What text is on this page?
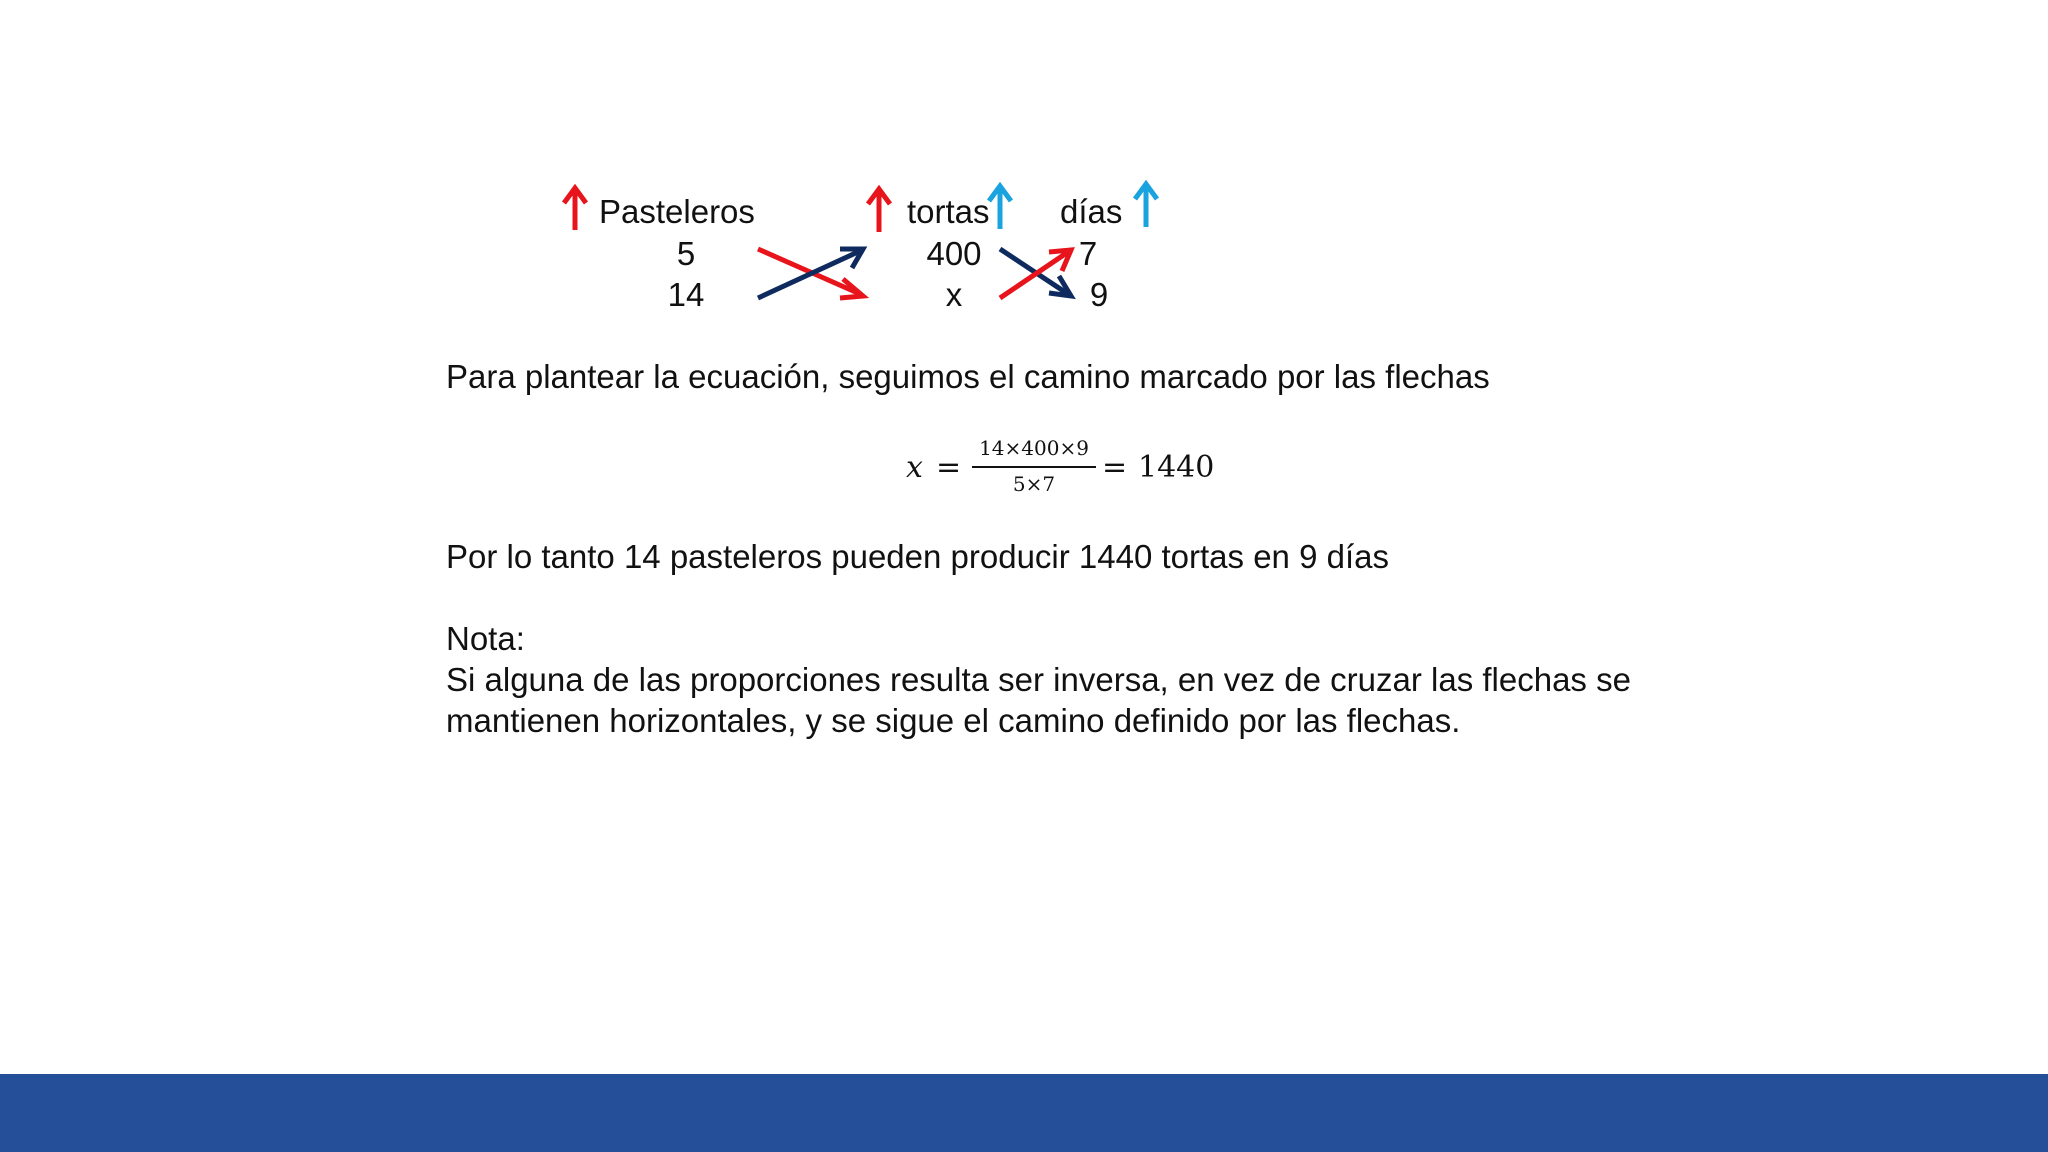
Pasteleros	tortas días
5
14
400
x
7
9
Para plantear la ecuación, seguimos el camino marcado por las flechas
x =
14×400×9
5×7	= 1440
Por lo tanto 14 pasteleros pueden producir 1440 tortas en 9 días
Nota:
Si alguna de las proporciones resulta ser inversa, en vez de cruzar las flechas se
mantienen horizontales, y se sigue el camino definido por las flechas.
